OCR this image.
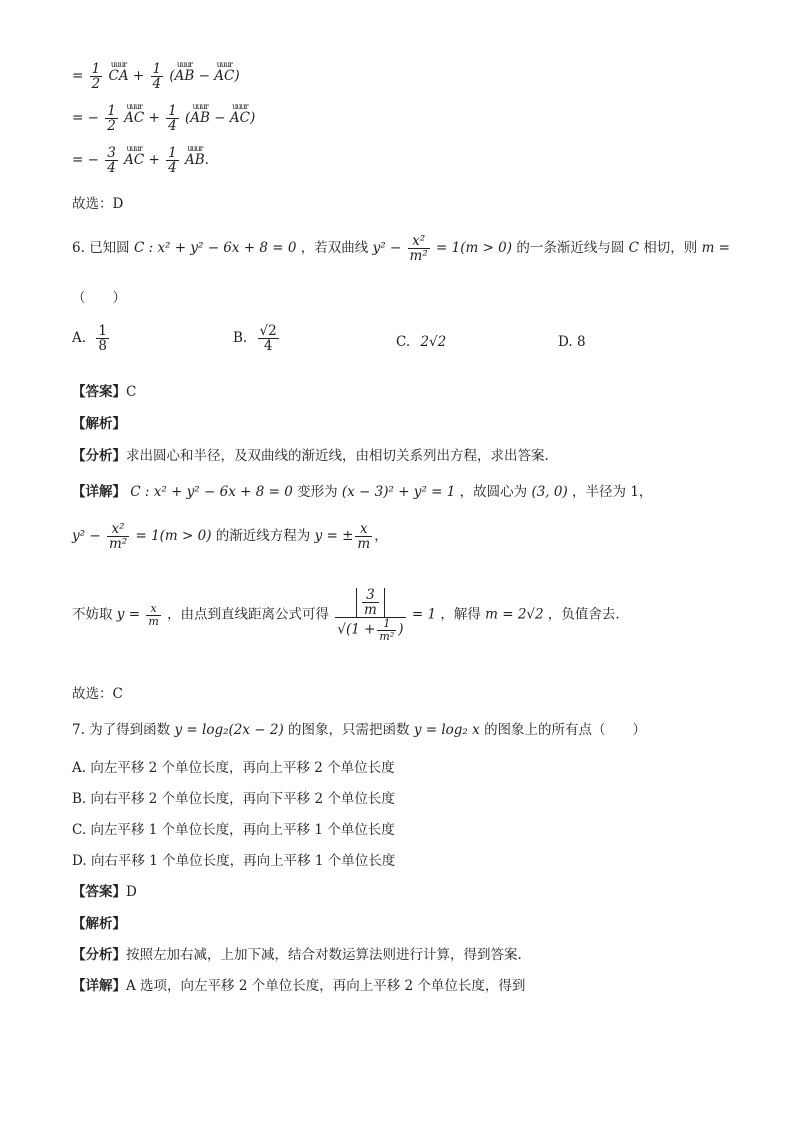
= $\frac{1}{2}$
	uuur
CA + $\frac{1}{4}$ (
uuur
AB −
uuur
AC)
= − $\frac{1}{2}$
	uuur
AC + $\frac{1}{4}$ (
uuur
AB −
uuur
AC)
= − $\frac{3}{4}$
	uuur
AC + $\frac{1}{4}$
uuur
AB.
故选：D
6. 已知圆 C : x² + y² − 6x + 8 = 0 ，若双曲线 $y^2 - \frac{\text{x²}}{\text{m²}} = 1(m > 0)$ 的一条渐近线与圆 C 相切，则 m =
（　　）
A. $\frac{1}{8}$	B. $\frac{√2}{4}$	C. 2√2	D. 8
【答案】C
【解析】
【分析】求出圆心和半径，及双曲线的渐近线，由相切关系列出方程，求出答案.
【详解】 C : x² + y² − 6x + 8 = 0 变形为 (x − 3)² + y² = 1 ，故圆心为 (3, 0) ，半径为 1，
$y^2 - \frac{\text{x²}}{\text{m²}} = 1(m > 0)$ 的渐近线方程为 y = ± $\frac{x}{m}$ ，
不妨取 $y = \frac{x}{m}$ ，由点到直线距离公式可得 $\frac{\frac{3}{m}}{√(1 + \frac{1}{\text{m²}} )} = 1$ ，解得 m = 2√2 ，负值舍去.
故选：C
7. 为了得到函数 y = log₂(2x − 2) 的图象，只需把函数 y = log₂ x 的图象上的所有点（　　）
A. 向左平移 2 个单位长度，再向上平移 2 个单位长度
B. 向右平移 2 个单位长度，再向下平移 2 个单位长度
C. 向左平移 1 个单位长度，再向上平移 1 个单位长度
D. 向右平移 1 个单位长度，再向上平移 1 个单位长度
【答案】D
【解析】
【分析】按照左加右减，上加下减，结合对数运算法则进行计算，得到答案.
【详解】A 选项，向左平移 2 个单位长度，再向上平移 2 个单位长度，得到
